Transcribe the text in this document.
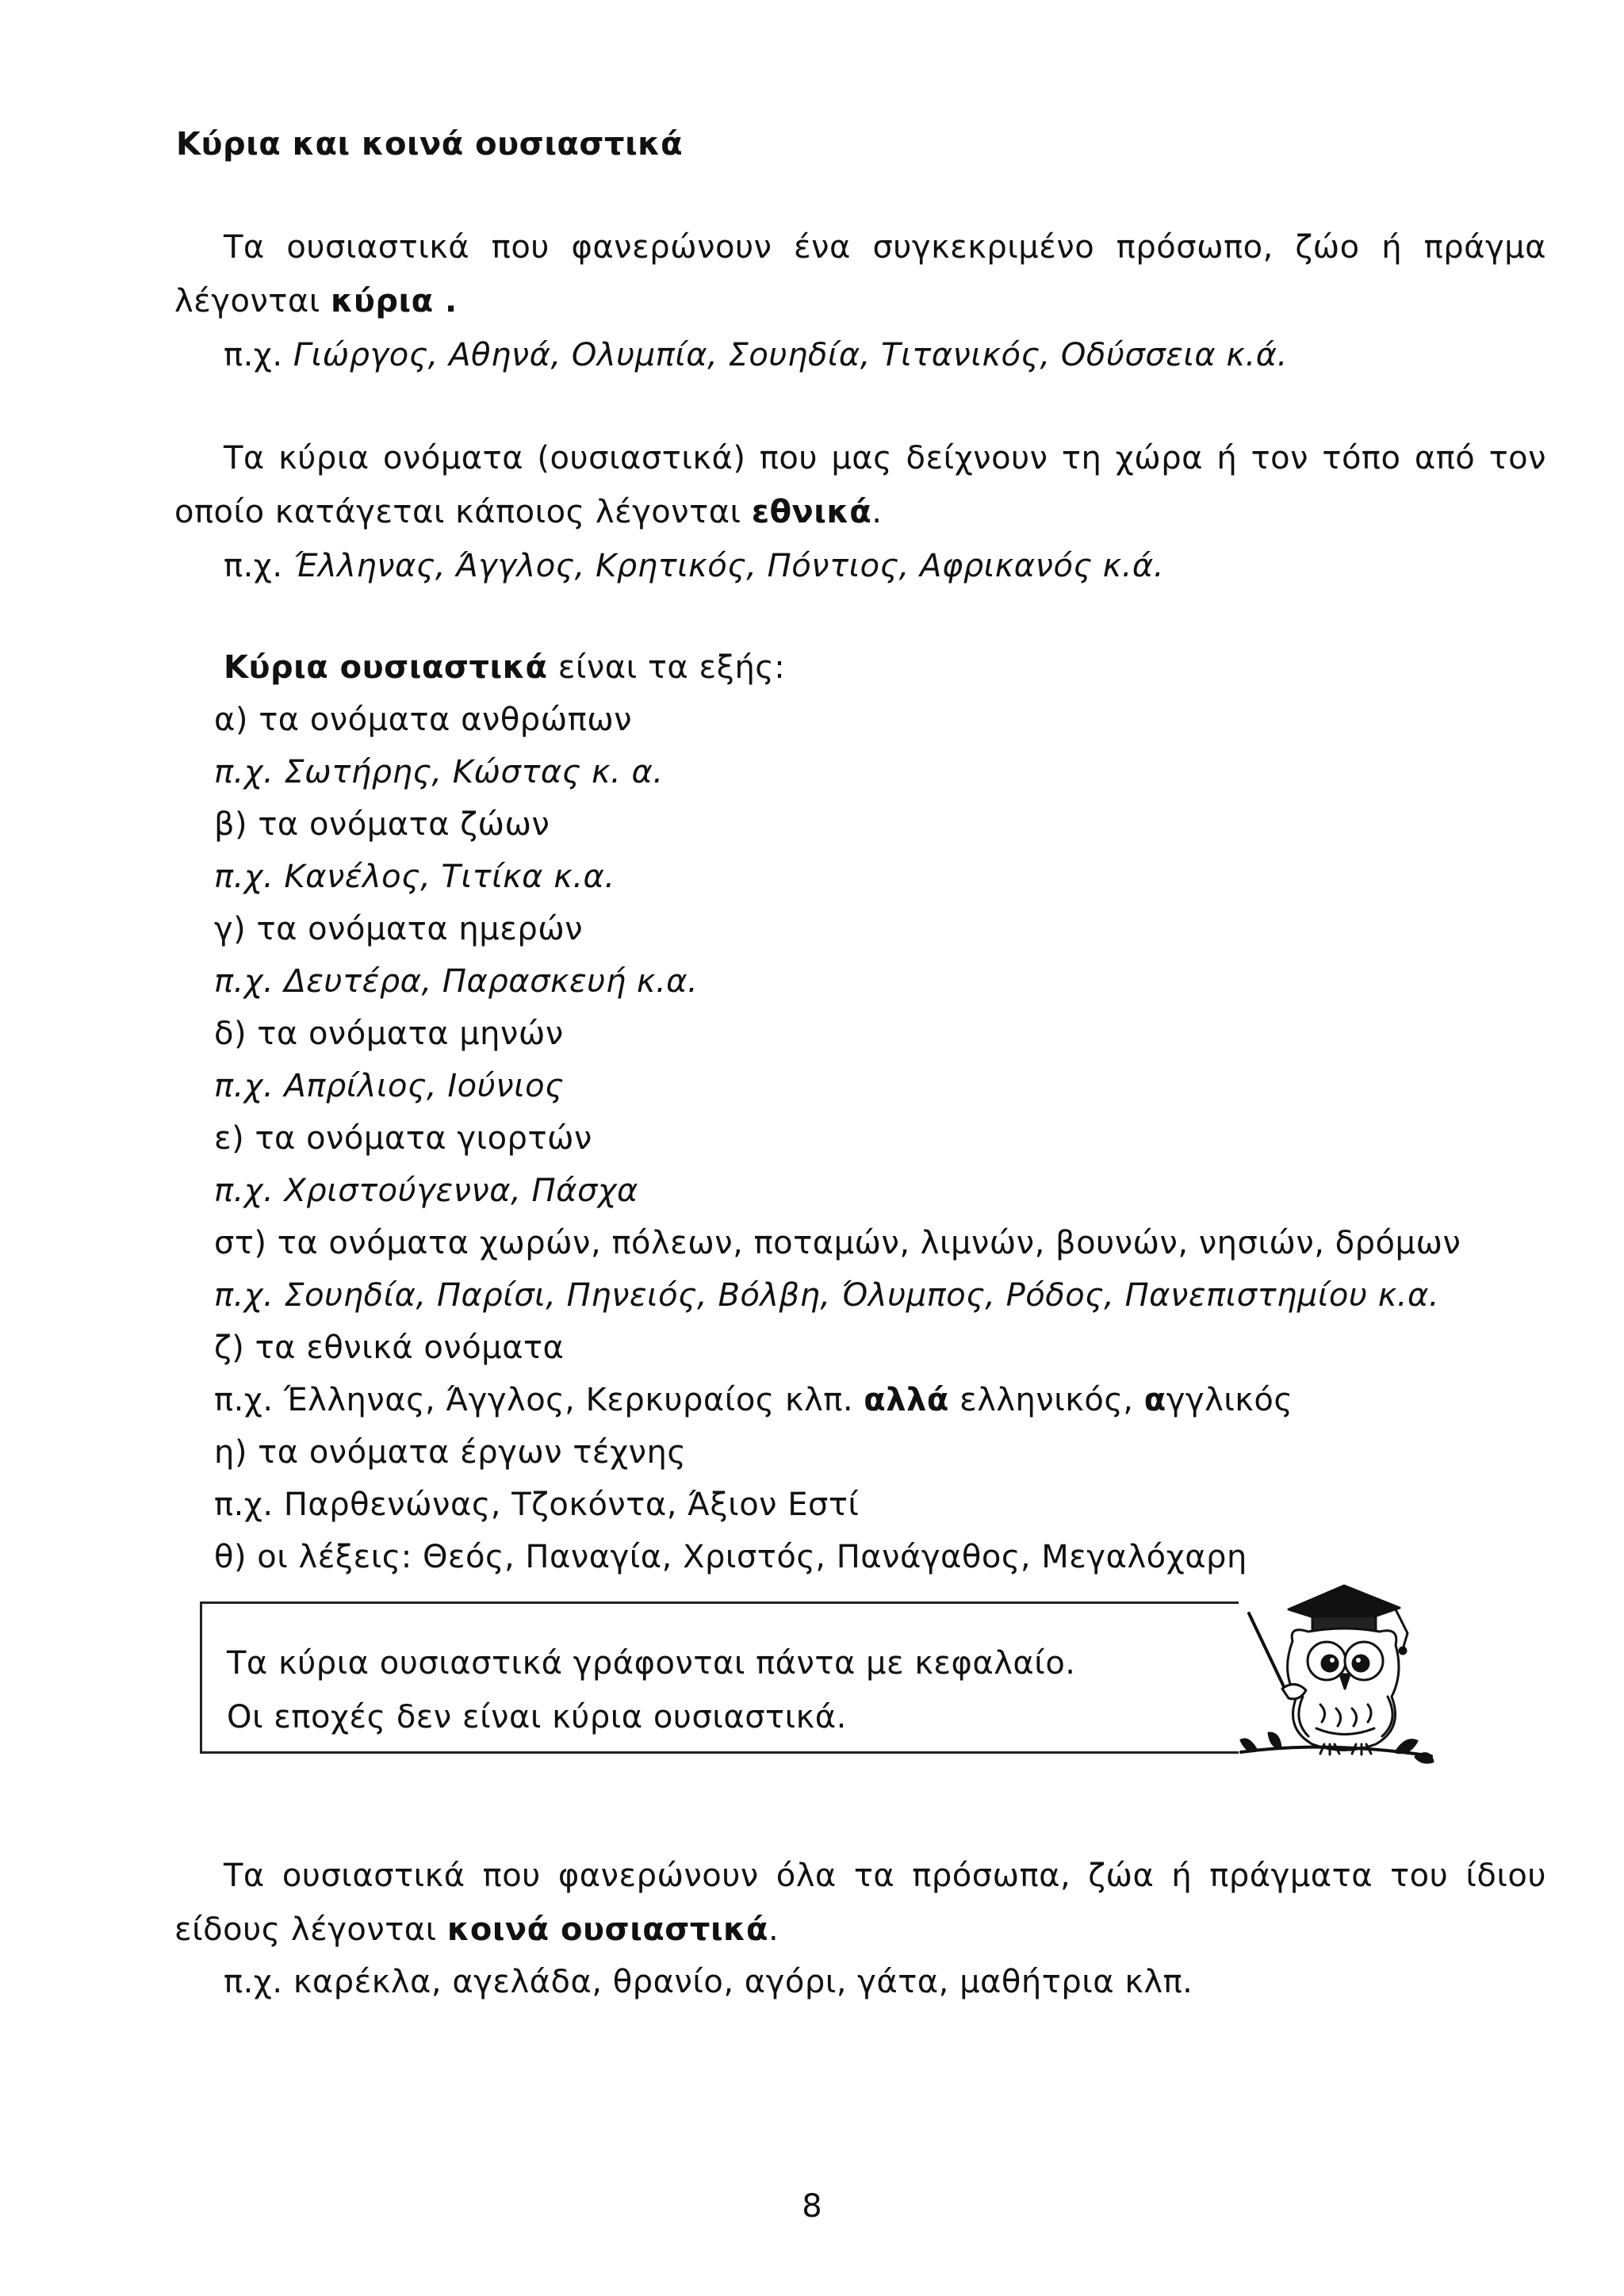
Κύρια και κοινά ουσιαστικά
Τα ουσιαστικά που φανερώνουν ένα συγκεκριμένο πρόσωπο, ζώο ή πράγμα
λέγονται κύρια .
π.χ. Γιώργος, Αθηνά, Ολυμπία, Σουηδία, Τιτανικός, Οδύσσεια κ.ά.
Τα κύρια ονόματα (ουσιαστικά) που μας δείχνουν τη χώρα ή τον τόπο από τον
οποίο κατάγεται κάποιος λέγονται εθνικά.
π.χ. Έλληνας, Άγγλος, Κρητικός, Πόντιος, Αφρικανός κ.ά.
Κύρια ουσιαστικά είναι τα εξής:
α) τα ονόματα ανθρώπων
π.χ. Σωτήρης, Κώστας κ. α.
β) τα ονόματα ζώων
π.χ. Κανέλος, Τιτίκα κ.α.
γ) τα ονόματα ημερών
π.χ. Δευτέρα, Παρασκευή κ.α.
δ) τα ονόματα μηνών
π.χ. Απρίλιος, Ιούνιος
ε) τα ονόματα γιορτών
π.χ. Χριστούγεννα, Πάσχα
στ) τα ονόματα χωρών, πόλεων, ποταμών, λιμνών, βουνών, νησιών, δρόμων
π.χ. Σουηδία, Παρίσι, Πηνειός, Βόλβη, Όλυμπος, Ρόδος, Πανεπιστημίου κ.α.
ζ) τα εθνικά ονόματα
π.χ. Έλληνας, Άγγλος, Κερκυραίος κλπ. αλλά ελληνικός, αγγλικός
η) τα ονόματα έργων τέχνης
π.χ. Παρθενώνας, Τζοκόντα, Άξιον Εστί
θ) οι λέξεις: Θεός, Παναγία, Χριστός, Πανάγαθος, Μεγαλόχαρη
Τα κύρια ουσιαστικά γράφονται πάντα με κεφαλαίο.
Οι εποχές δεν είναι κύρια ουσιαστικά.
Τα ουσιαστικά που φανερώνουν όλα τα πρόσωπα, ζώα ή πράγματα του ίδιου
είδους λέγονται κοινά ουσιαστικά.
π.χ. καρέκλα, αγελάδα, θρανίο, αγόρι, γάτα, μαθήτρια κλπ.
8
